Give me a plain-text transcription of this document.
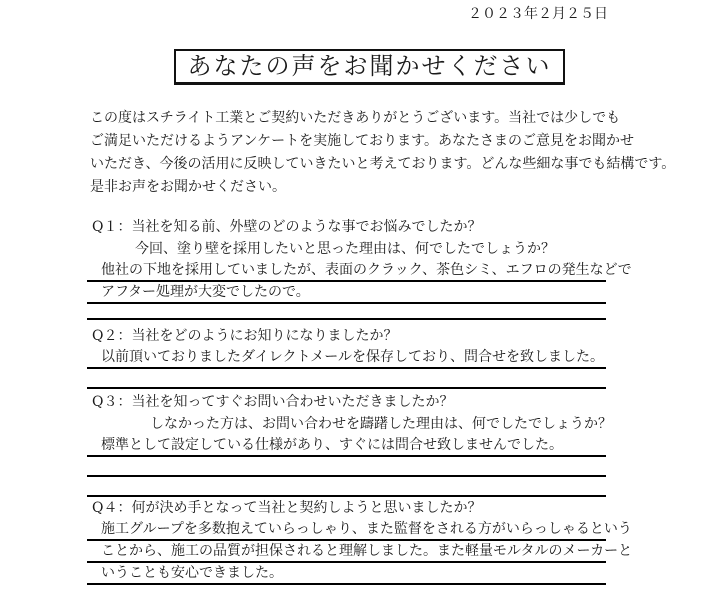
２０２３年２月２５日
あなたの声をお聞かせください
この度はスチライト工業とご契約いただきありがとうございます。当社では少しでも
ご満足いただけるようアンケートを実施しております。あなたさまのご意見をお聞かせ
いただき、今後の活用に反映していきたいと考えております。どんな些細な事でも結構です。
是非お声をお聞かせください。
Q１：当社を知る前、外壁のどのような事でお悩みでしたか？
今回、塗り壁を採用したいと思った理由は、何でしたでしょうか？
他社の下地を採用していましたが、表面のクラック、茶色シミ、エフロの発生などで
アフター処理が大変でしたので。
Q２：当社をどのようにお知りになりましたか？
以前頂いておりましたダイレクトメールを保存しており、問合せを致しました。
Q３：当社を知ってすぐお問い合わせいただきましたか？
しなかった方は、お問い合わせを躊躇した理由は、何でしたでしょうか？
標準として設定している仕様があり、すぐには問合せ致しませんでした。
Q４：何が決め手となって当社と契約しようと思いましたか？
施工グループを多数抱えていらっしゃり、また監督をされる方がいらっしゃるという
ことから、施工の品質が担保されると理解しました。また軽量モルタルのメーカーと
いうことも安心できました。
